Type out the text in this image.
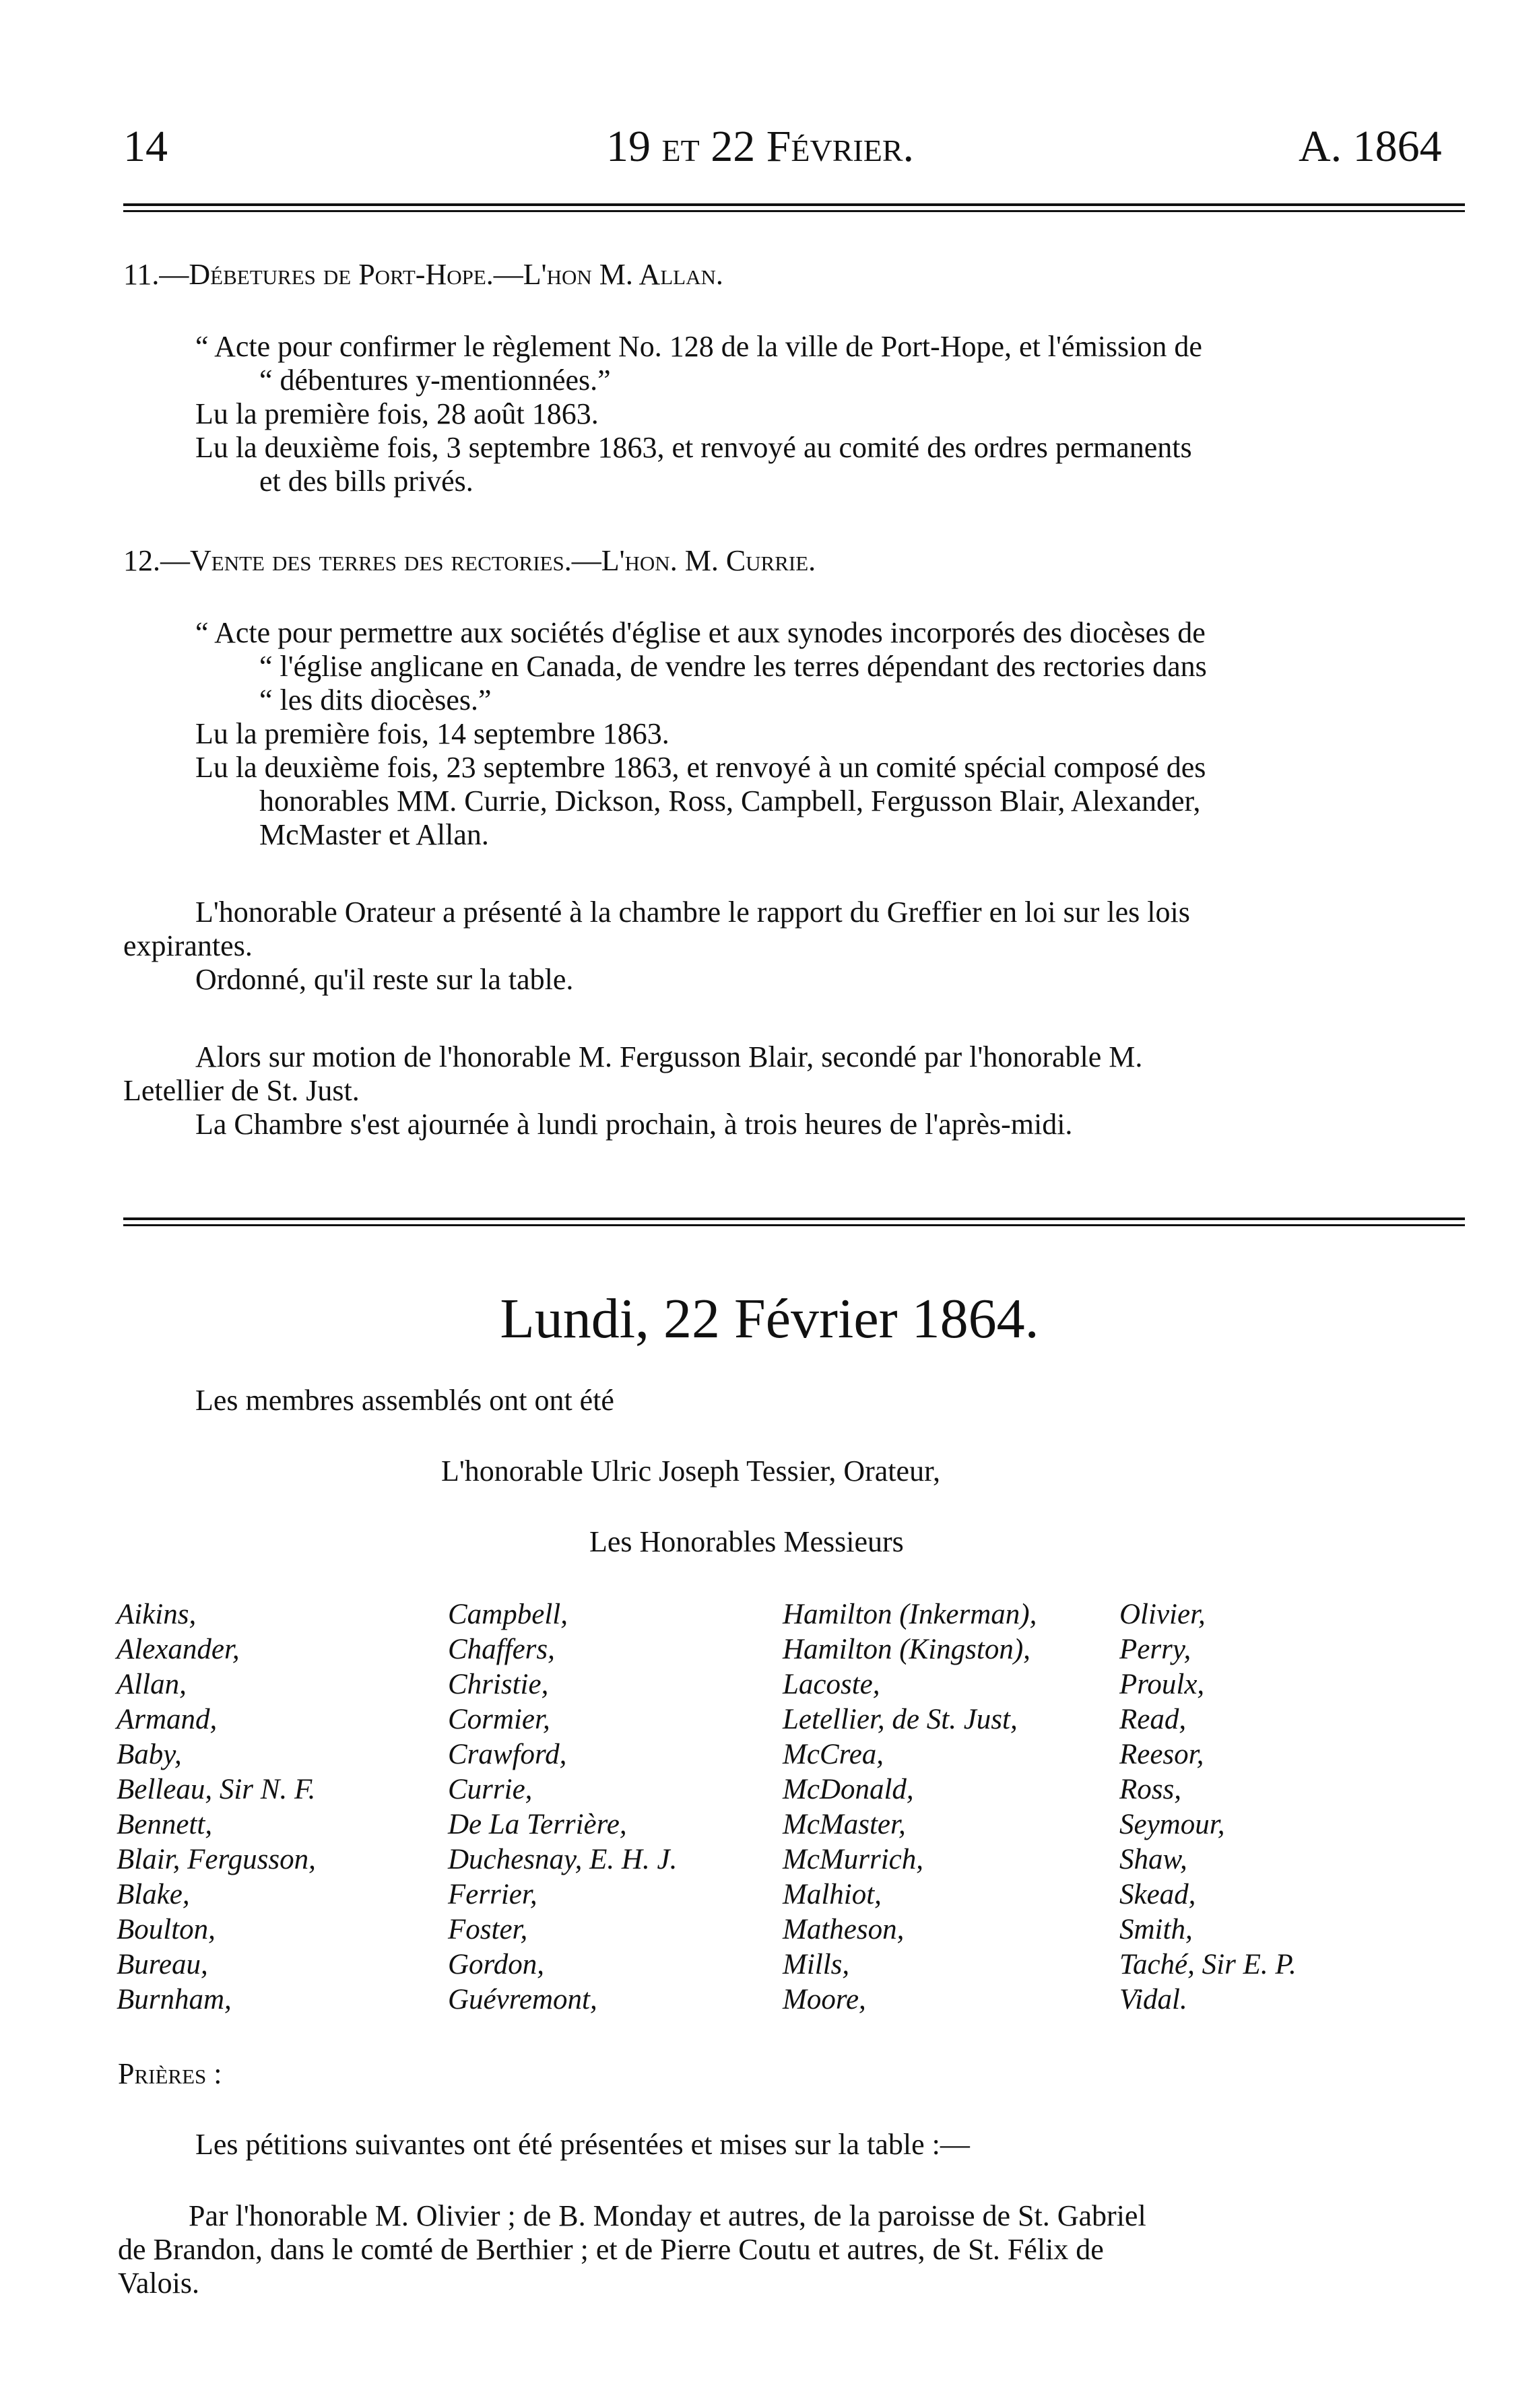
14	19 et 22 Février.	A. 1864
11.—Débetures de Port-Hope.—L'hon M. Allan.
“ Acte pour confirmer le règlement No. 128 de la ville de Port-Hope, et l'émission de
“ débentures y-mentionnées.”
Lu la première fois, 28 août 1863.
Lu la deuxième fois, 3 septembre 1863, et renvoyé au comité des ordres permanents
et des bills privés.
12.—Vente des terres des rectories.—L'hon. M. Currie.
“ Acte pour permettre aux sociétés d'église et aux synodes incorporés des diocèses de
“ l'église anglicane en Canada, de vendre les terres dépendant des rectories dans
“ les dits diocèses.”
Lu la première fois, 14 septembre 1863.
Lu la deuxième fois, 23 septembre 1863, et renvoyé à un comité spécial composé des
honorables MM. Currie, Dickson, Ross, Campbell, Fergusson Blair, Alexander,
McMaster et Allan.
L'honorable Orateur a présenté à la chambre le rapport du Greffier en loi sur les lois
expirantes.
Ordonné, qu'il reste sur la table.
Alors sur motion de l'honorable M. Fergusson Blair, secondé par l'honorable M.
Letellier de St. Just.
La Chambre s'est ajournée à lundi prochain, à trois heures de l'après-midi.
Lundi, 22 Février 1864.
Les membres assemblés ont ont été
L'honorable Ulric Joseph Tessier, Orateur,
Les Honorables Messieurs
Aikins,
Alexander,
Allan,
Armand,
Baby,
Belleau, Sir N. F.
Bennett,
Blair, Fergusson,
Blake,
Boulton,
Bureau,
Burnham,
Campbell,
Chaffers,
Christie,
Cormier,
Crawford,
Currie,
De La Terrière,
Duchesnay, E. H. J.
Ferrier,
Foster,
Gordon,
Guévremont,
Hamilton (Inkerman),
Hamilton (Kingston),
Lacoste,
Letellier, de St. Just,
McCrea,
McDonald,
McMaster,
McMurrich,
Malhiot,
Matheson,
Mills,
Moore,
Olivier,
Perry,
Proulx,
Read,
Reesor,
Ross,
Seymour,
Shaw,
Skead,
Smith,
Taché, Sir E. P.
Vidal.
Prières :
Les pétitions suivantes ont été présentées et mises sur la table :—
Par l'honorable M. Olivier ; de B. Monday et autres, de la paroisse de St. Gabriel
de Brandon, dans le comté de Berthier ; et de Pierre Coutu et autres, de St. Félix de
Valois.
